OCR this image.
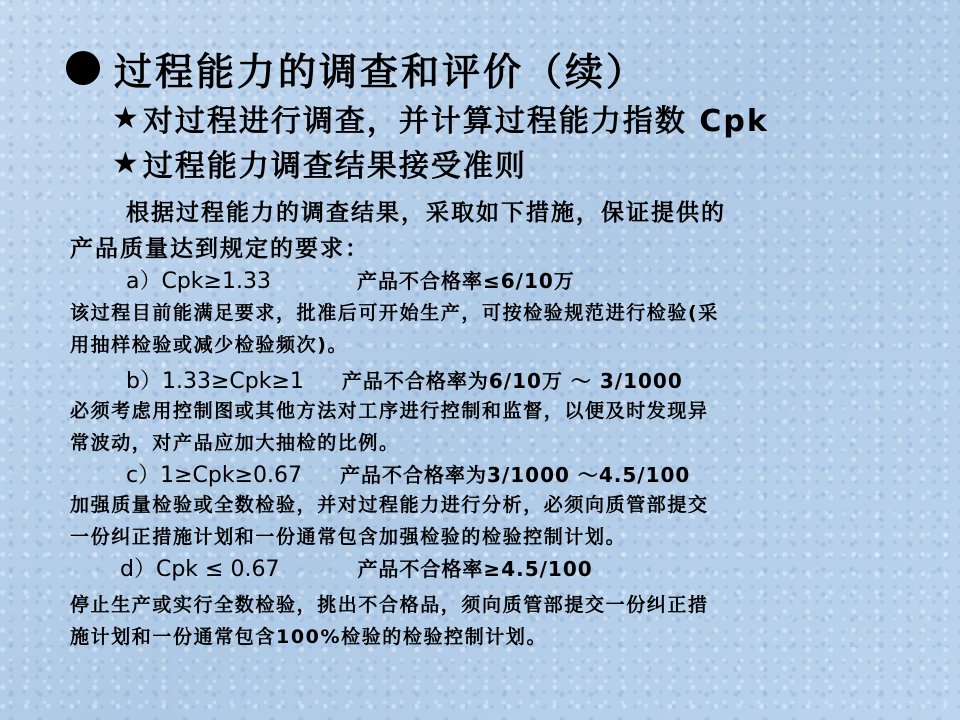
过程能力的调查和评价（续）
★ 对过程进行调查，并计算过程能力指数 Cpk
★ 过程能力调查结果接受准则
根据过程能力的调查结果，采取如下措施，保证提供的
产品质量达到规定的要求：
a）Cpk≥1.33	产品不合格率≤6/10万
该过程目前能满足要求，批准后可开始生产，可按检验规范进行检验(采
用抽样检验或减少检验频次)。
b）1.33≥Cpk≥1 产品不合格率为6/10万 ～ 3/1000
必须考虑用控制图或其他方法对工序进行控制和监督，以便及时发现异
常波动，对产品应加大抽检的比例。
c）1≥Cpk≥0.67 产品不合格率为3/1000 ～4.5/100
加强质量检验或全数检验，并对过程能力进行分析，必须向质管部提交
一份纠正措施计划和一份通常包含加强检验的检验控制计划。
d）Cpk ≤ 0.67	产品不合格率≥4.5/100
停止生产或实行全数检验，挑出不合格品，须向质管部提交一份纠正措
施计划和一份通常包含100%检验的检验控制计划。
